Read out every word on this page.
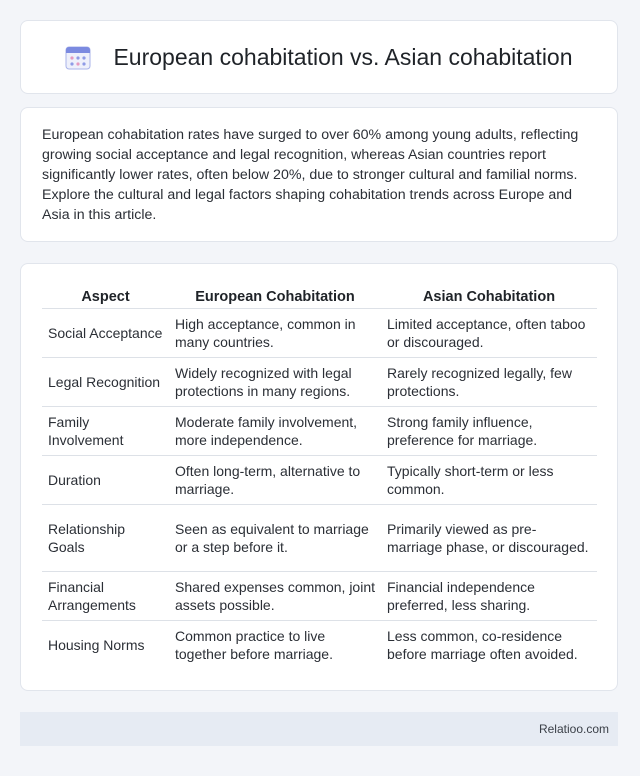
European cohabitation vs. Asian cohabitation

European cohabitation rates have surged to over 60% among young adults, reflecting growing social acceptance and legal recognition, whereas Asian countries report significantly lower rates, often below 20%, due to stronger cultural and familial norms. Explore the cultural and legal factors shaping cohabitation trends across Europe and Asia in this article.

Aspect	European Cohabitation	Asian Cohabitation
Social Acceptance	High acceptance, common in many countries.	Limited acceptance, often taboo or discouraged.
Legal Recognition	Widely recognized with legal protections in many regions.	Rarely recognized legally, few protections.
Family Involvement	Moderate family involvement, more independence.	Strong family influence, preference for marriage.
Duration	Often long-term, alternative to marriage.	Typically short-term or less common.
Relationship Goals	Seen as equivalent to marriage or a step before it.	Primarily viewed as pre-marriage phase, or discouraged.
Financial Arrangements	Shared expenses common, joint assets possible.	Financial independence preferred, less sharing.
Housing Norms	Common practice to live together before marriage.	Less common, co-residence before marriage often avoided.
Relatioo.com
